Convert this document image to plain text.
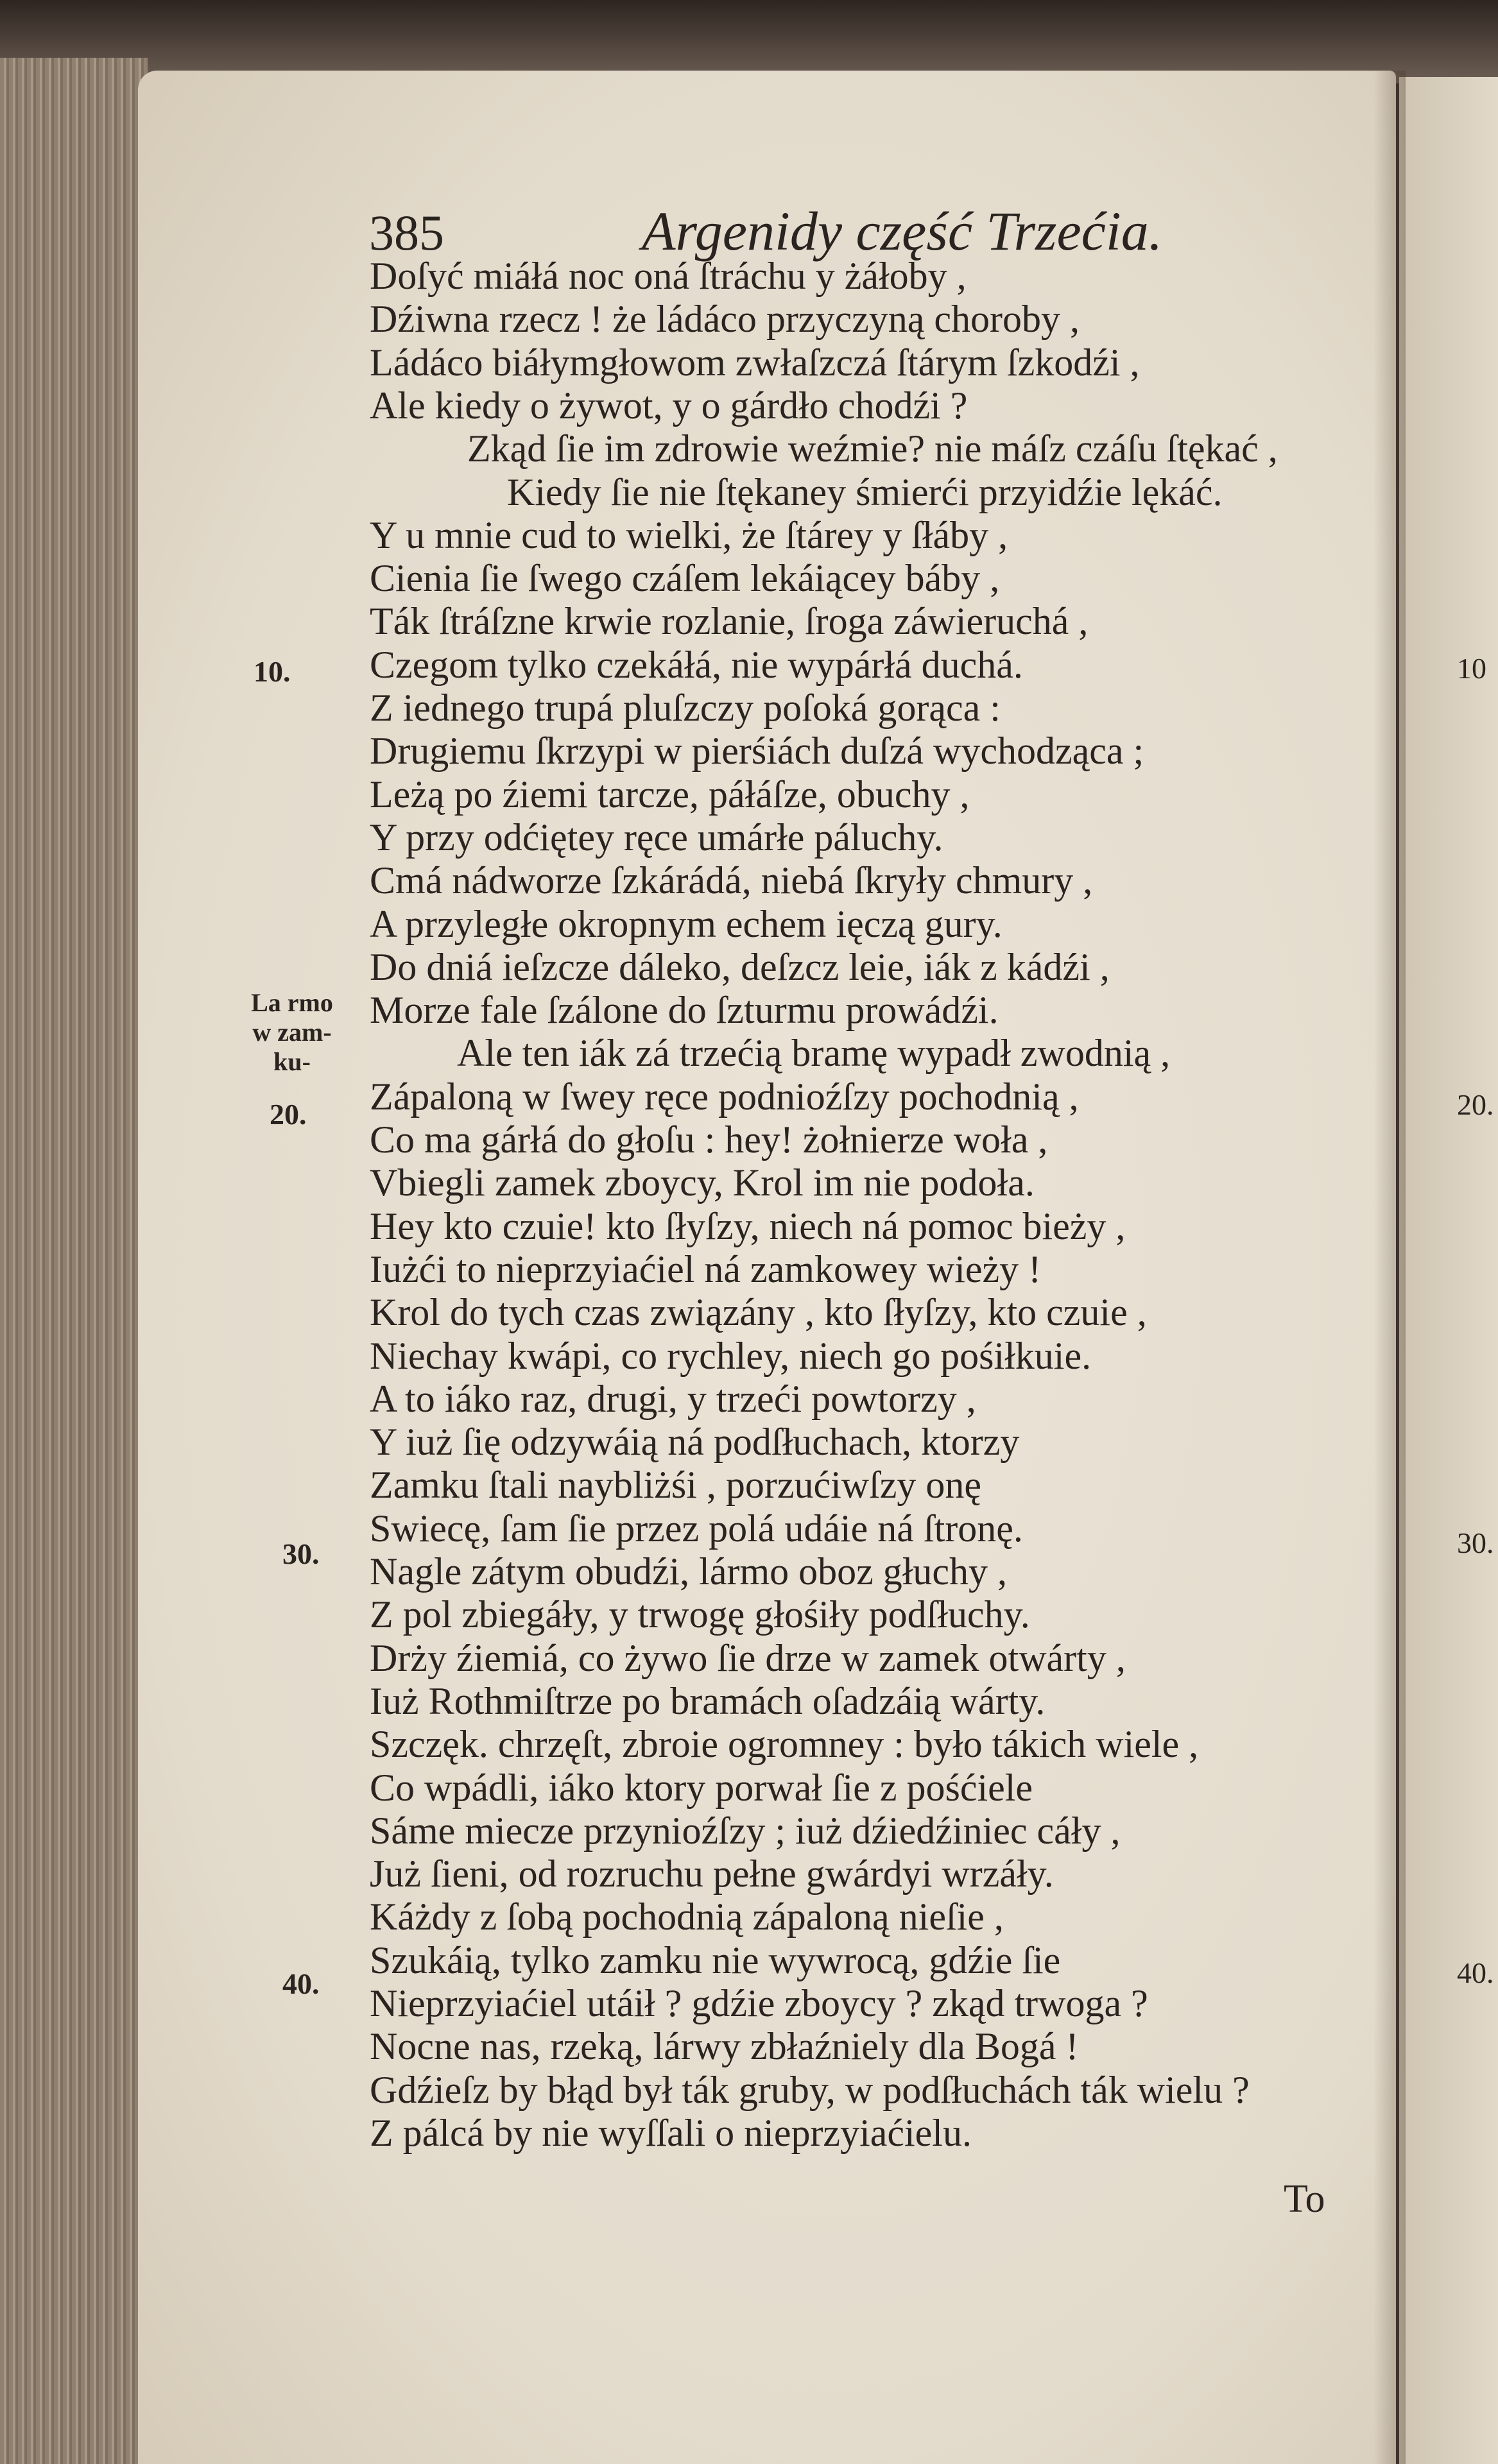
385	Argenidy część Trzećia.
Doſyć miáłá noc oná ſtráchu y żáłoby ,
Dźiwna rzecz ! że ládáco przyczyną choroby ,
Ládáco biáłymgłowom zwłaſzczá ſtárym ſzkodźi ,
Ale kiedy o żywot, y o gárdło chodźi ?
Zkąd ſie im zdrowie weźmie? nie máſz czáſu ſtękać ,
Kiedy ſie nie ſtękaney śmierći przyidźie lękáć.
Y u mnie cud to wielki, że ſtárey y ſłáby ,
Cienia ſie ſwego czáſem lekáiącey báby ,
Ták ſtráſzne krwie rozlanie, ſroga záwieruchá ,
Czegom tylko czekáłá, nie wypárłá duchá.
Z iednego trupá pluſzczy poſoká gorąca :
Drugiemu ſkrzypi w pierśiách duſzá wychodząca ;
Leżą po źiemi tarcze, páłáſze, obuchy ,
Y przy odćiętey ręce umárłe páluchy.
Cmá nádworze ſzkárádá, niebá ſkryły chmury ,
A przyległe okropnym echem ięczą gury.
Do dniá ieſzcze dáleko, deſzcz leie, iák z kádźi ,
Morze fale ſzálone do ſzturmu prowádźi.
Ale ten iák zá trzećią bramę wypadł zwodnią ,
Zápaloną w ſwey ręce podnioźſzy pochodnią ,
Co ma gárłá do głoſu : hey! żołnierze woła ,
Vbiegli zamek zboycy, Krol im nie podoła.
Hey kto czuie! kto ſłyſzy, niech ná pomoc bieży ,
Iużći to nieprzyiaćiel ná zamkowey wieży !
Krol do tych czas związány , kto ſłyſzy, kto czuie ,
Niechay kwápi, co rychley, niech go pośiłkuie.
A to iáko raz, drugi, y trzeći powtorzy ,
Y iuż ſię odzywáią ná podſłuchach, ktorzy
Zamku ſtali naybliżśi , porzućiwſzy onę
Swiecę, ſam ſie przez polá udáie ná ſtronę.
Nagle zátym obudźi, lármo oboz głuchy ,
Z pol zbiegáły, y trwogę głośiły podſłuchy.
Drży źiemiá, co żywo ſie drze w zamek otwárty ,
Iuż Rothmiſtrze po bramách oſadzáią wárty.
Szczęk. chrzęſt, zbroie ogromney : było tákich wiele ,
Co wpádli, iáko ktory porwał ſie z pośćiele
Sáme miecze przynioźſzy ; iuż dźiedźiniec cáły ,
Już ſieni, od rozruchu pełne gwárdyi wrzáły.
Káżdy z ſobą pochodnią zápaloną nieſie ,
Szukáią, tylko zamku nie wywrocą, gdźie ſie
Nieprzyiaćiel utáił ? gdźie zboycy ? zkąd trwoga ?
Nocne nas, rzeką, lárwy zbłaźniely dla Bogá !
Gdźieſz by błąd był ták gruby, w podſłuchách ták wielu ?
Z pálcá by nie wyſſali o nieprzyiaćielu.
10.
20.
30.
40.
La rmo
w zam-
ku-
10
20.
30.
40.
To
